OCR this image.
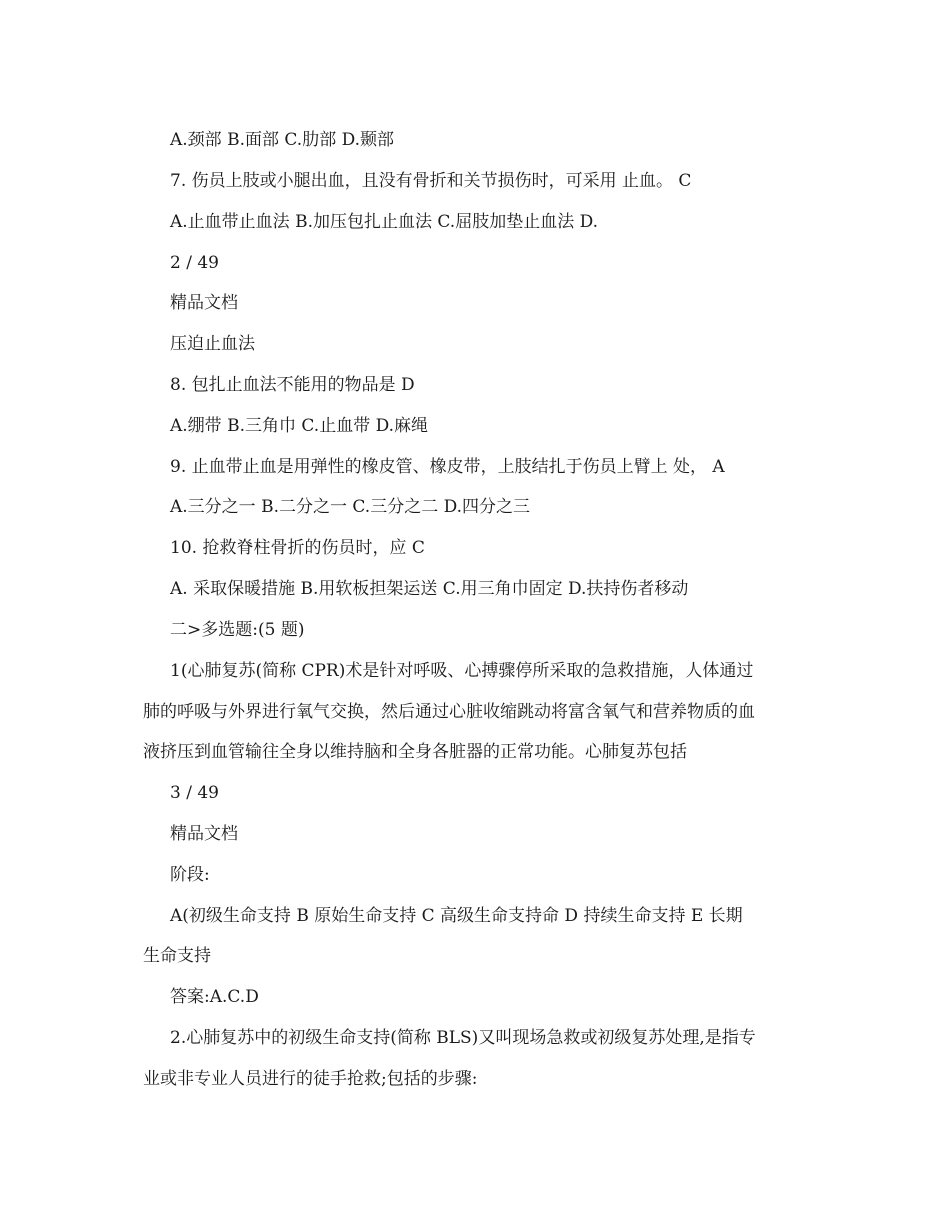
A.颈部 B.面部 C.肋部 D.颞部
7. 伤员上肢或小腿出血，且没有骨折和关节损伤时，可采用 止血。 C
A.止血带止血法 B.加压包扎止血法 C.屈肢加垫止血法 D.
2 / 49
精品文档
压迫止血法
8. 包扎止血法不能用的物品是 D
A.绷带 B.三角巾 C.止血带 D.麻绳
9. 止血带止血是用弹性的橡皮管、橡皮带，上肢结扎于伤员上臂上 处， A
A.三分之一 B.二分之一 C.三分之二 D.四分之三
10. 抢救脊柱骨折的伤员时，应 C
A. 采取保暖措施 B.用软板担架运送 C.用三角巾固定 D.扶持伤者移动
二>多选题:(5 题)
1(心肺复苏(简称 CPR)术是针对呼吸、心搏骤停所采取的急救措施，人体通过
肺的呼吸与外界进行氧气交换，然后通过心脏收缩跳动将富含氧气和营养物质的血
液挤压到血管输往全身以维持脑和全身各脏器的正常功能。心肺复苏包括
3 / 49
精品文档
阶段:
A(初级生命支持 B 原始生命支持 C 高级生命支持命 D 持续生命支持 E 长期
生命支持
答案:A.C.D
2.心肺复苏中的初级生命支持(简称 BLS)又叫现场急救或初级复苏处理,是指专
业或非专业人员进行的徒手抢救;包括的步骤:
